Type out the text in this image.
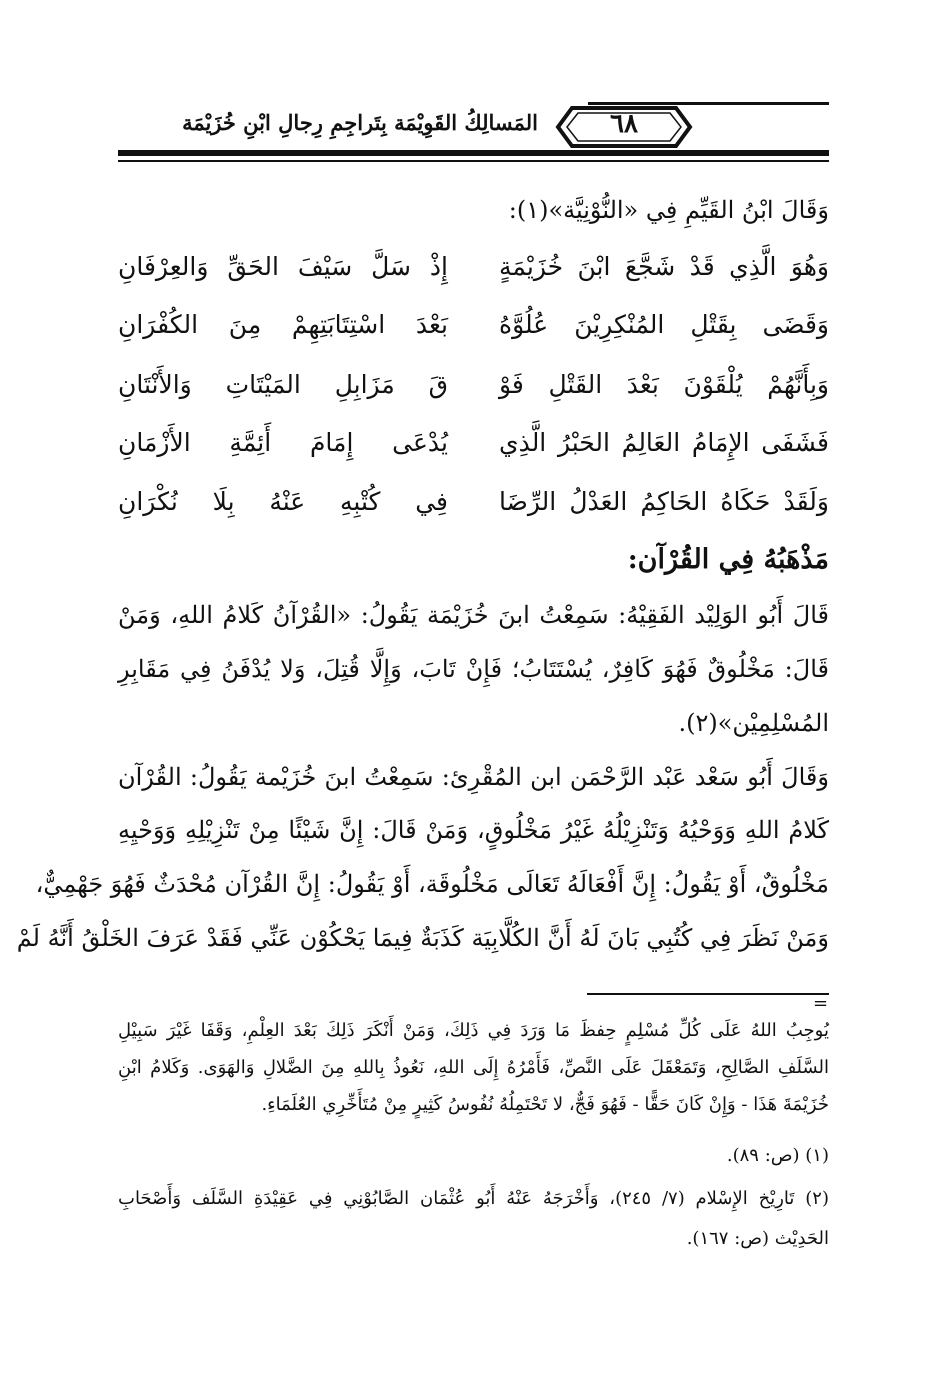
المَسالِكُ القَوِيْمَة بِتَراجِمِ رِجالِ ابْنِ خُزَيْمَة	٦٨
وَقَالَ ابْنُ القَيِّمِ فِي «النُّوْنِيَّة»(١):
وَهُوَ الَّذِي قَدْ شَجَّعَ ابْنَ خُزَيْمَةٍ
إِذْ سَلَّ سَيْفَ الحَقِّ وَالعِرْفَانِ
وَقَضَى بِقَتْلِ المُنْكِرِيْنَ عُلُوَّهُ
بَعْدَ اسْتِتَابَتِهِمْ مِنَ الكُفْرَانِ
وَبِأَنَّهُمْ يُلْقَوْنَ بَعْدَ القَتْلِ فَوْ
قَ مَزَابِلِ المَيْتَاتِ وَالأَنْتَانِ
فَشَفَى الإِمَامُ العَالِمُ الحَبْرُ الَّذِي
يُدْعَى إِمَامَ أَئِمَّةِ الأَزْمَانِ
وَلَقَدْ حَكَاهُ الحَاكِمُ العَدْلُ الرِّضَا
فِي كُتْبِهِ عَنْهُ بِلَا نُكْرَانِ
مَذْهَبُهُ فِي القُرْآن:
قَالَ أَبُو الوَلِيْد الفَقِيْهُ: سَمِعْتُ ابنَ خُزَيْمَة يَقُولُ: «القُرْآنُ كَلامُ اللهِ، وَمَنْ
قَالَ: مَخْلُوقٌ فَهُوَ كَافِرٌ، يُسْتَتَابُ؛ فَإِنْ تَابَ، وَإِلَّا قُتِلَ، وَلا يُدْفَنُ فِي مَقَابِرِ
المُسْلِمِيْن»(٢).
وَقَالَ أَبُو سَعْد عَبْد الرَّحْمَن ابن المُقْرِئ: سَمِعْتُ ابنَ خُزَيْمة يَقُولُ: القُرْآن
كَلامُ اللهِ وَوَحْيُهُ وَتَنْزِيْلُهُ غَيْرُ مَخْلُوقٍ، وَمَنْ قَالَ: إِنَّ شَيْئًا مِنْ تَنْزِيْلِهِ وَوَحْيِهِ
مَخْلُوقٌ، أَوْ يَقُولُ: إِنَّ أَفْعَالَهُ تَعَالَى مَخْلُوقَة، أَوْ يَقُولُ: إِنَّ القُرْآن مُحْدَثٌ فَهُوَ جَهْمِيٌّ،
وَمَنْ نَظَرَ فِي كُتُبِي بَانَ لَهُ أَنَّ الكُلَّابِيَة كَذَبَةٌ فِيمَا يَحْكُوْن عَنِّي فَقَدْ عَرَفَ الخَلْقُ أَنَّهُ لَمْ
=
يُوجِبُ اللهُ عَلَى كُلِّ مُسْلِمٍ حِفظَ مَا وَرَدَ فِي ذَلِكَ، وَمَنْ أَنْكَرَ ذَلِكَ بَعْدَ العِلْمِ، وَقَفَا غَيْرَ سَبِيْلِ
السَّلَفِ الصَّالِحِ، وَتَمَعْقَلَ عَلَى النَّصِّ، فَأَمْرُهُ إِلَى اللهِ، نَعُوذُ بِاللهِ مِنَ الضَّلالِ وَالهَوَى. وَكَلامُ ابْنِ
خُزَيْمَةَ هَذَا - وَإِنْ كَانَ حَقًّا - فَهُوَ فَجٌّ، لا تَحْتَمِلُهُ نُفُوسُ كَثِيرٍ مِنْ مُتَأَخِّرِي العُلَمَاءِ.
(١) (ص: ٨٩).
(٢) تَارِيْخ الإِسْلام (٧/ ٢٤٥)، وَأَخْرَجَهُ عَنْهُ أَبُو عُثْمَان الصَّابُوْنِي فِي عَقِيْدَةِ السَّلَف وَأَصْحَابِ
الحَدِيْث (ص: ١٦٧).
